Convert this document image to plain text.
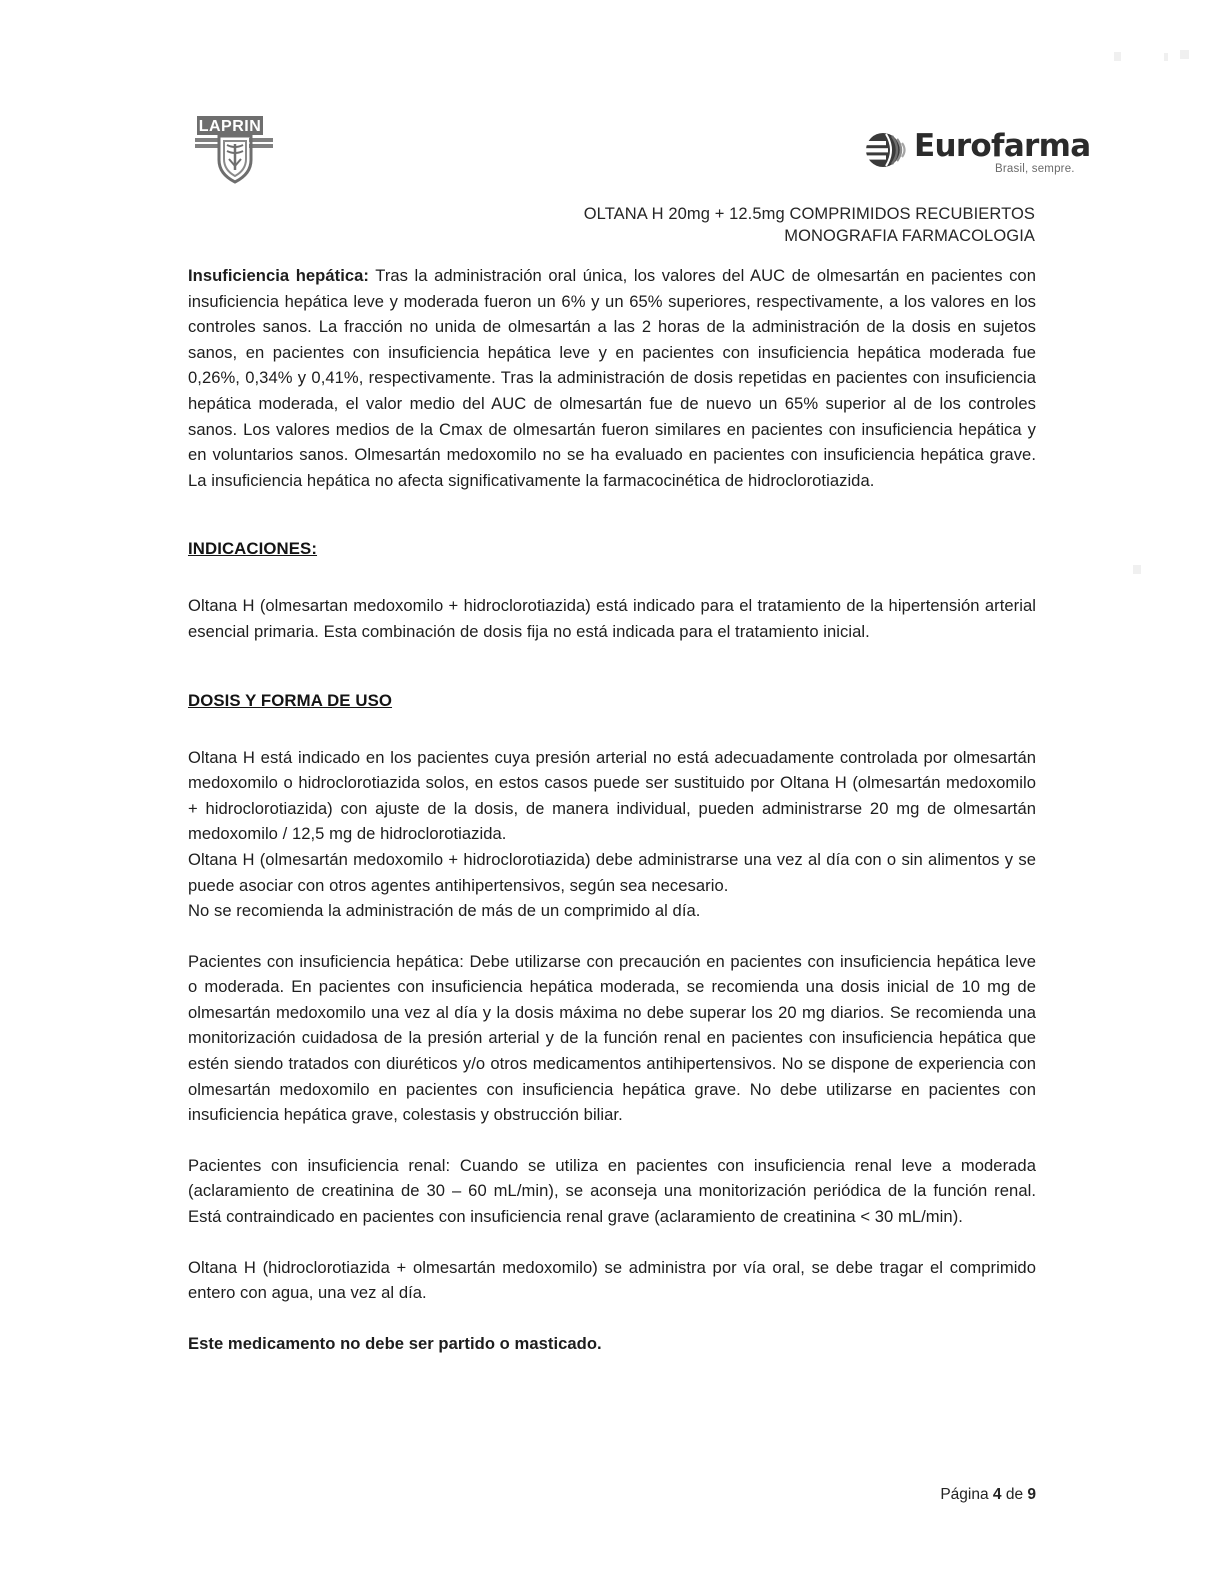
LAPRIN
Eurofarma
Brasil, sempre.
OLTANA H 20mg + 12.5mg COMPRIMIDOS RECUBIERTOS
MONOGRAFIA FARMACOLOGIA

Insuficiencia hepática: Tras la administración oral única, los valores del AUC de olmesartán en pacientes con insuficiencia hepática leve y moderada fueron un 6% y un 65% superiores, respectivamente, a los valores en los controles sanos. La fracción no unida de olmesartán a las 2 horas de la administración de la dosis en sujetos sanos, en pacientes con insuficiencia hepática leve y en pacientes con insuficiencia hepática moderada fue 0,26%, 0,34% y 0,41%, respectivamente. Tras la administración de dosis repetidas en pacientes con insuficiencia hepática moderada, el valor medio del AUC de olmesartán fue de nuevo un 65% superior al de los controles sanos. Los valores medios de la Cmax de olmesartán fueron similares en pacientes con insuficiencia hepática y en voluntarios sanos. Olmesartán medoxomilo no se ha evaluado en pacientes con insuficiencia hepática grave. La insuficiencia hepática no afecta significativamente la farmacocinética de hidroclorotiazida.

INDICACIONES:

Oltana H (olmesartan medoxomilo + hidroclorotiazida) está indicado para el tratamiento de la hipertensión arterial esencial primaria. Esta combinación de dosis fija no está indicada para el tratamiento inicial.

DOSIS Y FORMA DE USO

Oltana H está indicado en los pacientes cuya presión arterial no está adecuadamente controlada por olmesartán medoxomilo o hidroclorotiazida solos, en estos casos puede ser sustituido por Oltana H (olmesartán medoxomilo + hidroclorotiazida) con ajuste de la dosis, de manera individual, pueden administrarse 20 mg de olmesartán medoxomilo / 12,5 mg de hidroclorotiazida.

Oltana H (olmesartán medoxomilo + hidroclorotiazida) debe administrarse una vez al día con o sin alimentos y se puede asociar con otros agentes antihipertensivos, según sea necesario.

No se recomienda la administración de más de un comprimido al día.

Pacientes con insuficiencia hepática: Debe utilizarse con precaución en pacientes con insuficiencia hepática leve o moderada. En pacientes con insuficiencia hepática moderada, se recomienda una dosis inicial de 10 mg de olmesartán medoxomilo una vez al día y la dosis máxima no debe superar los 20 mg diarios. Se recomienda una monitorización cuidadosa de la presión arterial y de la función renal en pacientes con insuficiencia hepática que estén siendo tratados con diuréticos y/o otros medicamentos antihipertensivos. No se dispone de experiencia con olmesartán medoxomilo en pacientes con insuficiencia hepática grave. No debe utilizarse en pacientes con insuficiencia hepática grave, colestasis y obstrucción biliar.

Pacientes con insuficiencia renal: Cuando se utiliza en pacientes con insuficiencia renal leve a moderada (aclaramiento de creatinina de 30 – 60 mL/min), se aconseja una monitorización periódica de la función renal. Está contraindicado en pacientes con insuficiencia renal grave (aclaramiento de creatinina < 30 mL/min).

Oltana H (hidroclorotiazida + olmesartán medoxomilo) se administra por vía oral, se debe tragar el comprimido entero con agua, una vez al día.

Este medicamento no debe ser partido o masticado.

Página 4 de 9
